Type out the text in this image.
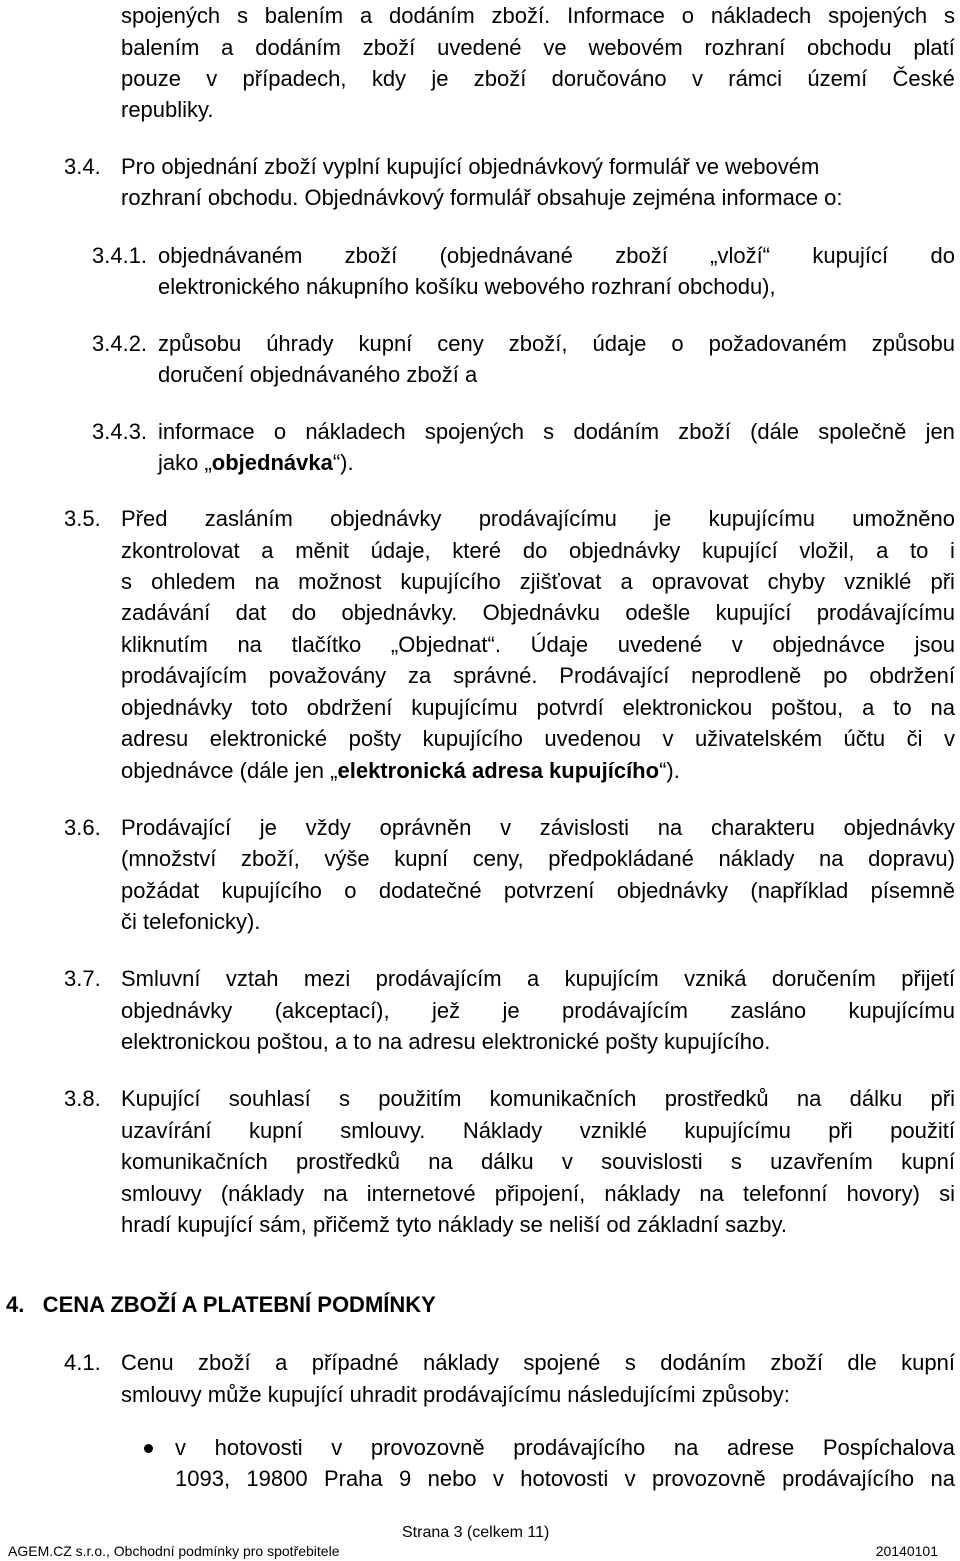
spojených s balením a dodáním zboží. Informace o nákladech spojených s
balením a dodáním zboží uvedené ve webovém rozhraní obchodu platí
pouze v případech, kdy je zboží doručováno v rámci území České
republiky.
3.4. Pro objednání zboží vyplní kupující objednávkový formulář ve webovém
rozhraní obchodu. Objednávkový formulář obsahuje zejména informace o:
3.4.1. objednávaném zboží (objednávané zboží „vloží“ kupující do
elektronického nákupního košíku webového rozhraní obchodu),
3.4.2. způsobu úhrady kupní ceny zboží, údaje o požadovaném způsobu
doručení objednávaného zboží a
3.4.3. informace o nákladech spojených s dodáním zboží (dále společně jen
jako „objednávka“).
3.5. Před zasláním objednávky prodávajícímu je kupujícímu umožněno
zkontrolovat a měnit údaje, které do objednávky kupující vložil, a to i
s ohledem na možnost kupujícího zjišťovat a opravovat chyby vzniklé při
zadávání dat do objednávky. Objednávku odešle kupující prodávajícímu
kliknutím na tlačítko „Objednat“. Údaje uvedené v objednávce jsou
prodávajícím považovány za správné. Prodávající neprodleně po obdržení
objednávky toto obdržení kupujícímu potvrdí elektronickou poštou, a to na
adresu elektronické pošty kupujícího uvedenou v uživatelském účtu či v
objednávce (dále jen „elektronická adresa kupujícího“).
3.6. Prodávající je vždy oprávněn v závislosti na charakteru objednávky
(množství zboží, výše kupní ceny, předpokládané náklady na dopravu)
požádat kupujícího o dodatečné potvrzení objednávky (například písemně
či telefonicky).
3.7. Smluvní vztah mezi prodávajícím a kupujícím vzniká doručením přijetí
objednávky (akceptací), jež je prodávajícím zasláno kupujícímu
elektronickou poštou, a to na adresu elektronické pošty kupujícího.
3.8. Kupující souhlasí s použitím komunikačních prostředků na dálku při
uzavírání kupní smlouvy. Náklady vzniklé kupujícímu při použití
komunikačních prostředků na dálku v souvislosti s uzavřením kupní
smlouvy (náklady na internetové připojení, náklady na telefonní hovory) si
hradí kupující sám, přičemž tyto náklady se neliší od základní sazby.
4.   CENA ZBOŽÍ A PLATEBNÍ PODMÍNKY
4.1. Cenu zboží a případné náklady spojené s dodáním zboží dle kupní
smlouvy může kupující uhradit prodávajícímu následujícími způsoby:
v hotovosti v provozovně prodávajícího na adrese Pospíchalova
1093, 19800 Praha 9 nebo v hotovosti v provozovně prodávajícího na
Strana 3 (celkem 11)
AGEM.CZ s.r.o., Obchodní podmínky pro spotřebitele	20140101
